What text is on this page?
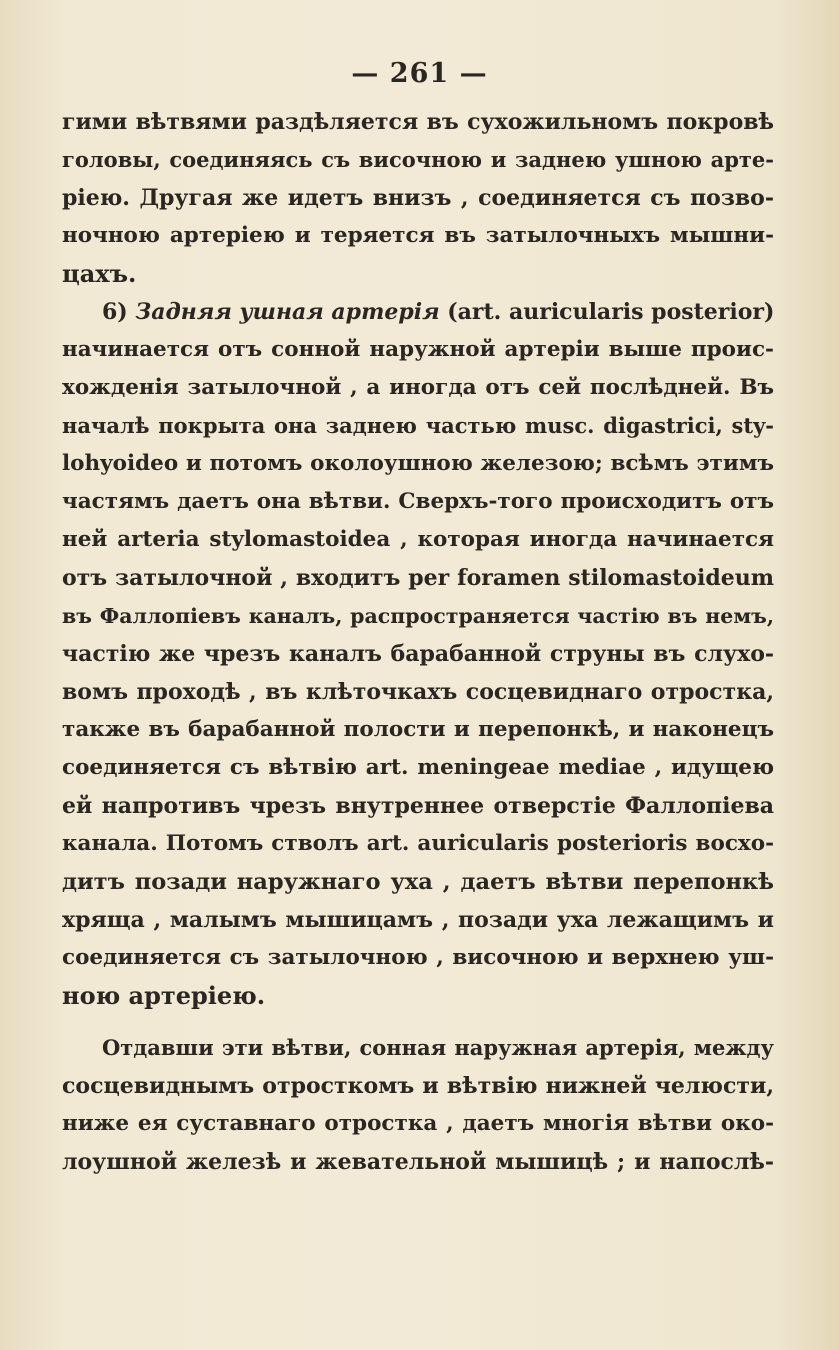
— 261 —
гими вѣтвями раздѣляется въ сухожильномъ покровѣ
головы, соединяясь съ височною и заднею ушною арте-
ріею. Другая же идетъ внизъ , соединяется съ позво-
ночною артеріею и теряется въ затылочныхъ мышни-
цахъ.
6) Задняя ушная артерія (art. auricularis posterior)
начинается отъ сонной наружной артеріи выше проис-
хожденія затылочной , а иногда отъ сей послѣдней. Въ
началѣ покрыта она заднею частью musc. digastrici, sty-
lohyoideo и потомъ околоушною железою; всѣмъ этимъ
частямъ даетъ она вѣтви. Сверхъ-того происходитъ отъ
ней arteria stylomastoidea , которая иногда начинается
отъ затылочной , входитъ per foramen stilomastoideum
въ Фаллопіевъ каналъ, распространяется частію въ немъ,
частію же чрезъ каналъ барабанной струны въ слухо-
вомъ проходѣ , въ клѣточкахъ сосцевиднаго отростка,
также въ барабанной полости и перепонкѣ, и наконецъ
соединяется съ вѣтвію art. meningeae mediae , идущею
ей напротивъ чрезъ внутреннее отверстіе Фаллопіева
канала. Потомъ стволъ art. auricularis posterioris восхо-
дитъ позади наружнаго уха , даетъ вѣтви перепонкѣ
хряща , малымъ мышицамъ , позади уха лежащимъ и
соединяется съ затылочною , височною и верхнею уш-
ною артеріею.
Отдавши эти вѣтви, сонная наружная артерія, между
сосцевиднымъ отросткомъ и вѣтвію нижней челюсти,
ниже ея суставнаго отростка , даетъ многія вѣтви око-
лоушной железѣ и жевательной мышицѣ ; и напослѣ-
